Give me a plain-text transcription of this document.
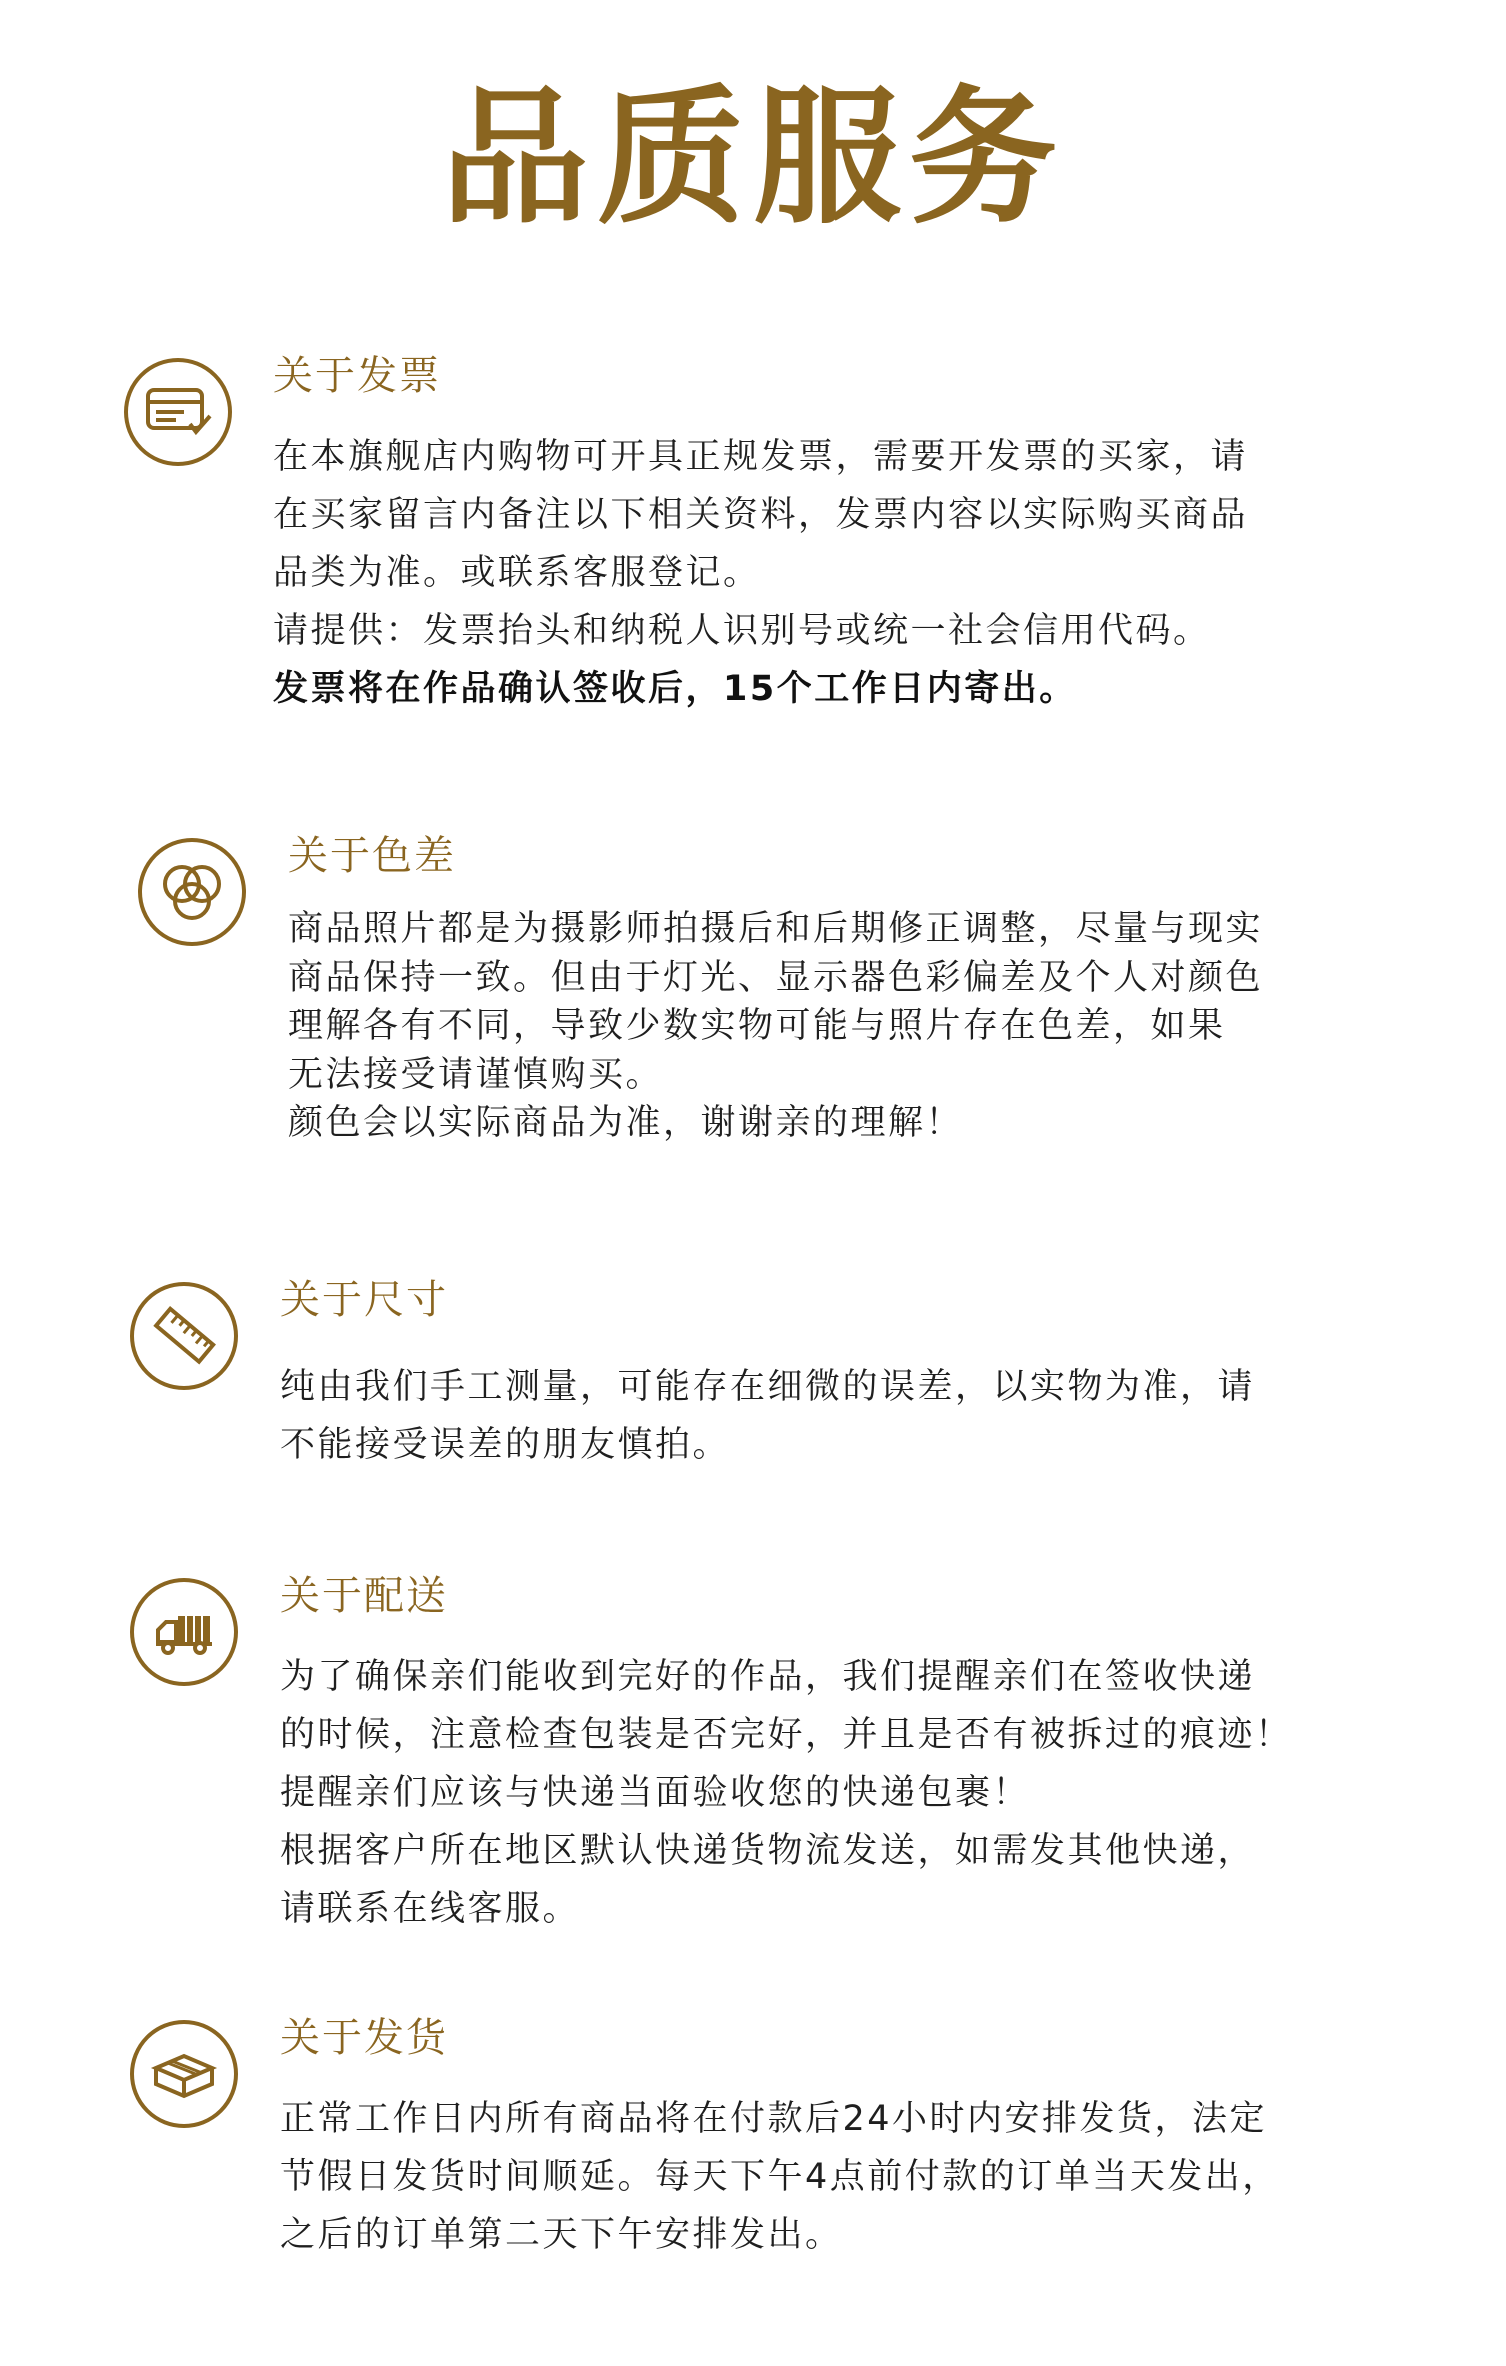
品质服务
关于发票
在本旗舰店内购物可开具正规发票，需要开发票的买家，请
在买家留言内备注以下相关资料，发票内容以实际购买商品
品类为准。或联系客服登记。
请提供：发票抬头和纳税人识别号或统一社会信用代码。
发票将在作品确认签收后，15个工作日内寄出。
关于色差
商品照片都是为摄影师拍摄后和后期修正调整，尽量与现实
商品保持一致。但由于灯光、显示器色彩偏差及个人对颜色
理解各有不同，导致少数实物可能与照片存在色差，如果
无法接受请谨慎购买。
颜色会以实际商品为准，谢谢亲的理解！
关于尺寸
纯由我们手工测量，可能存在细微的误差，以实物为准，请
不能接受误差的朋友慎拍。
关于配送
为了确保亲们能收到完好的作品，我们提醒亲们在签收快递
的时候，注意检查包装是否完好，并且是否有被拆过的痕迹！
提醒亲们应该与快递当面验收您的快递包裹！
根据客户所在地区默认快递货物流发送，如需发其他快递，
请联系在线客服。
关于发货
正常工作日内所有商品将在付款后24小时内安排发货，法定
节假日发货时间顺延。每天下午4点前付款的订单当天发出，
之后的订单第二天下午安排发出。
